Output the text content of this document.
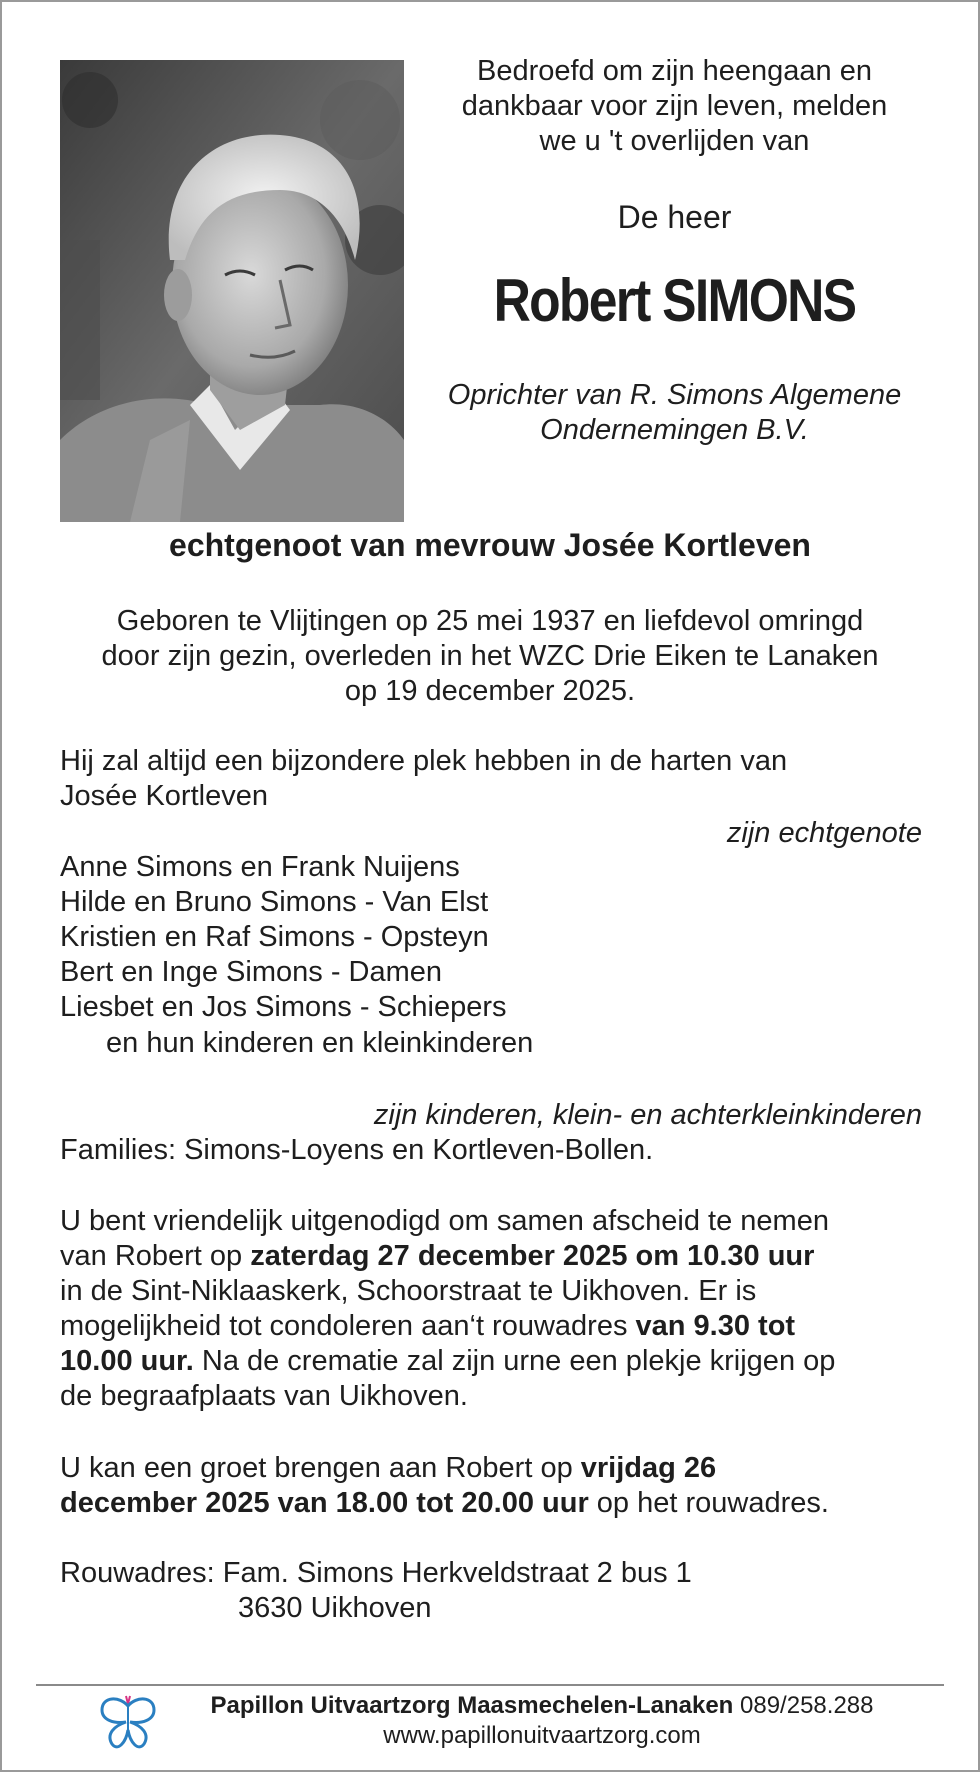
Bedroefd om zijn heengaan en
dankbaar voor zijn leven, melden
we u 't overlijden van
De heer
Robert SIMONS
Oprichter van R. Simons Algemene
Ondernemingen B.V.
echtgenoot van mevrouw Josée Kortleven
Geboren te Vlijtingen op 25 mei 1937 en liefdevol omringd
door zijn gezin, overleden in het WZC Drie Eiken te Lanaken
op 19 december 2025.
Hij zal altijd een bijzondere plek hebben in de harten van
Josée Kortleven
zijn echtgenote
Anne Simons en Frank Nuijens
Hilde en Bruno Simons - Van Elst
Kristien en Raf Simons - Opsteyn
Bert en Inge Simons - Damen
Liesbet en Jos Simons - Schiepers
en hun kinderen en kleinkinderen
zijn kinderen, klein- en achterkleinkinderen
Families: Simons-Loyens en Kortleven-Bollen.
U bent vriendelijk uitgenodigd om samen afscheid te nemen
van Robert op zaterdag 27 december 2025 om 10.30 uur
in de Sint-Niklaaskerk, Schoorstraat te Uikhoven. Er is
mogelijkheid tot condoleren aan‘t rouwadres van 9.30 tot
10.00 uur. Na de crematie zal zijn urne een plekje krijgen op
de begraafplaats van Uikhoven.
U kan een groet brengen aan Robert op vrijdag 26
december 2025 van 18.00 tot 20.00 uur op het rouwadres.
Rouwadres: Fam. Simons Herkveldstraat 2 bus 1
3630 Uikhoven
Papillon Uitvaartzorg Maasmechelen-Lanaken 089/258.288
www.papillonuitvaartzorg.com
